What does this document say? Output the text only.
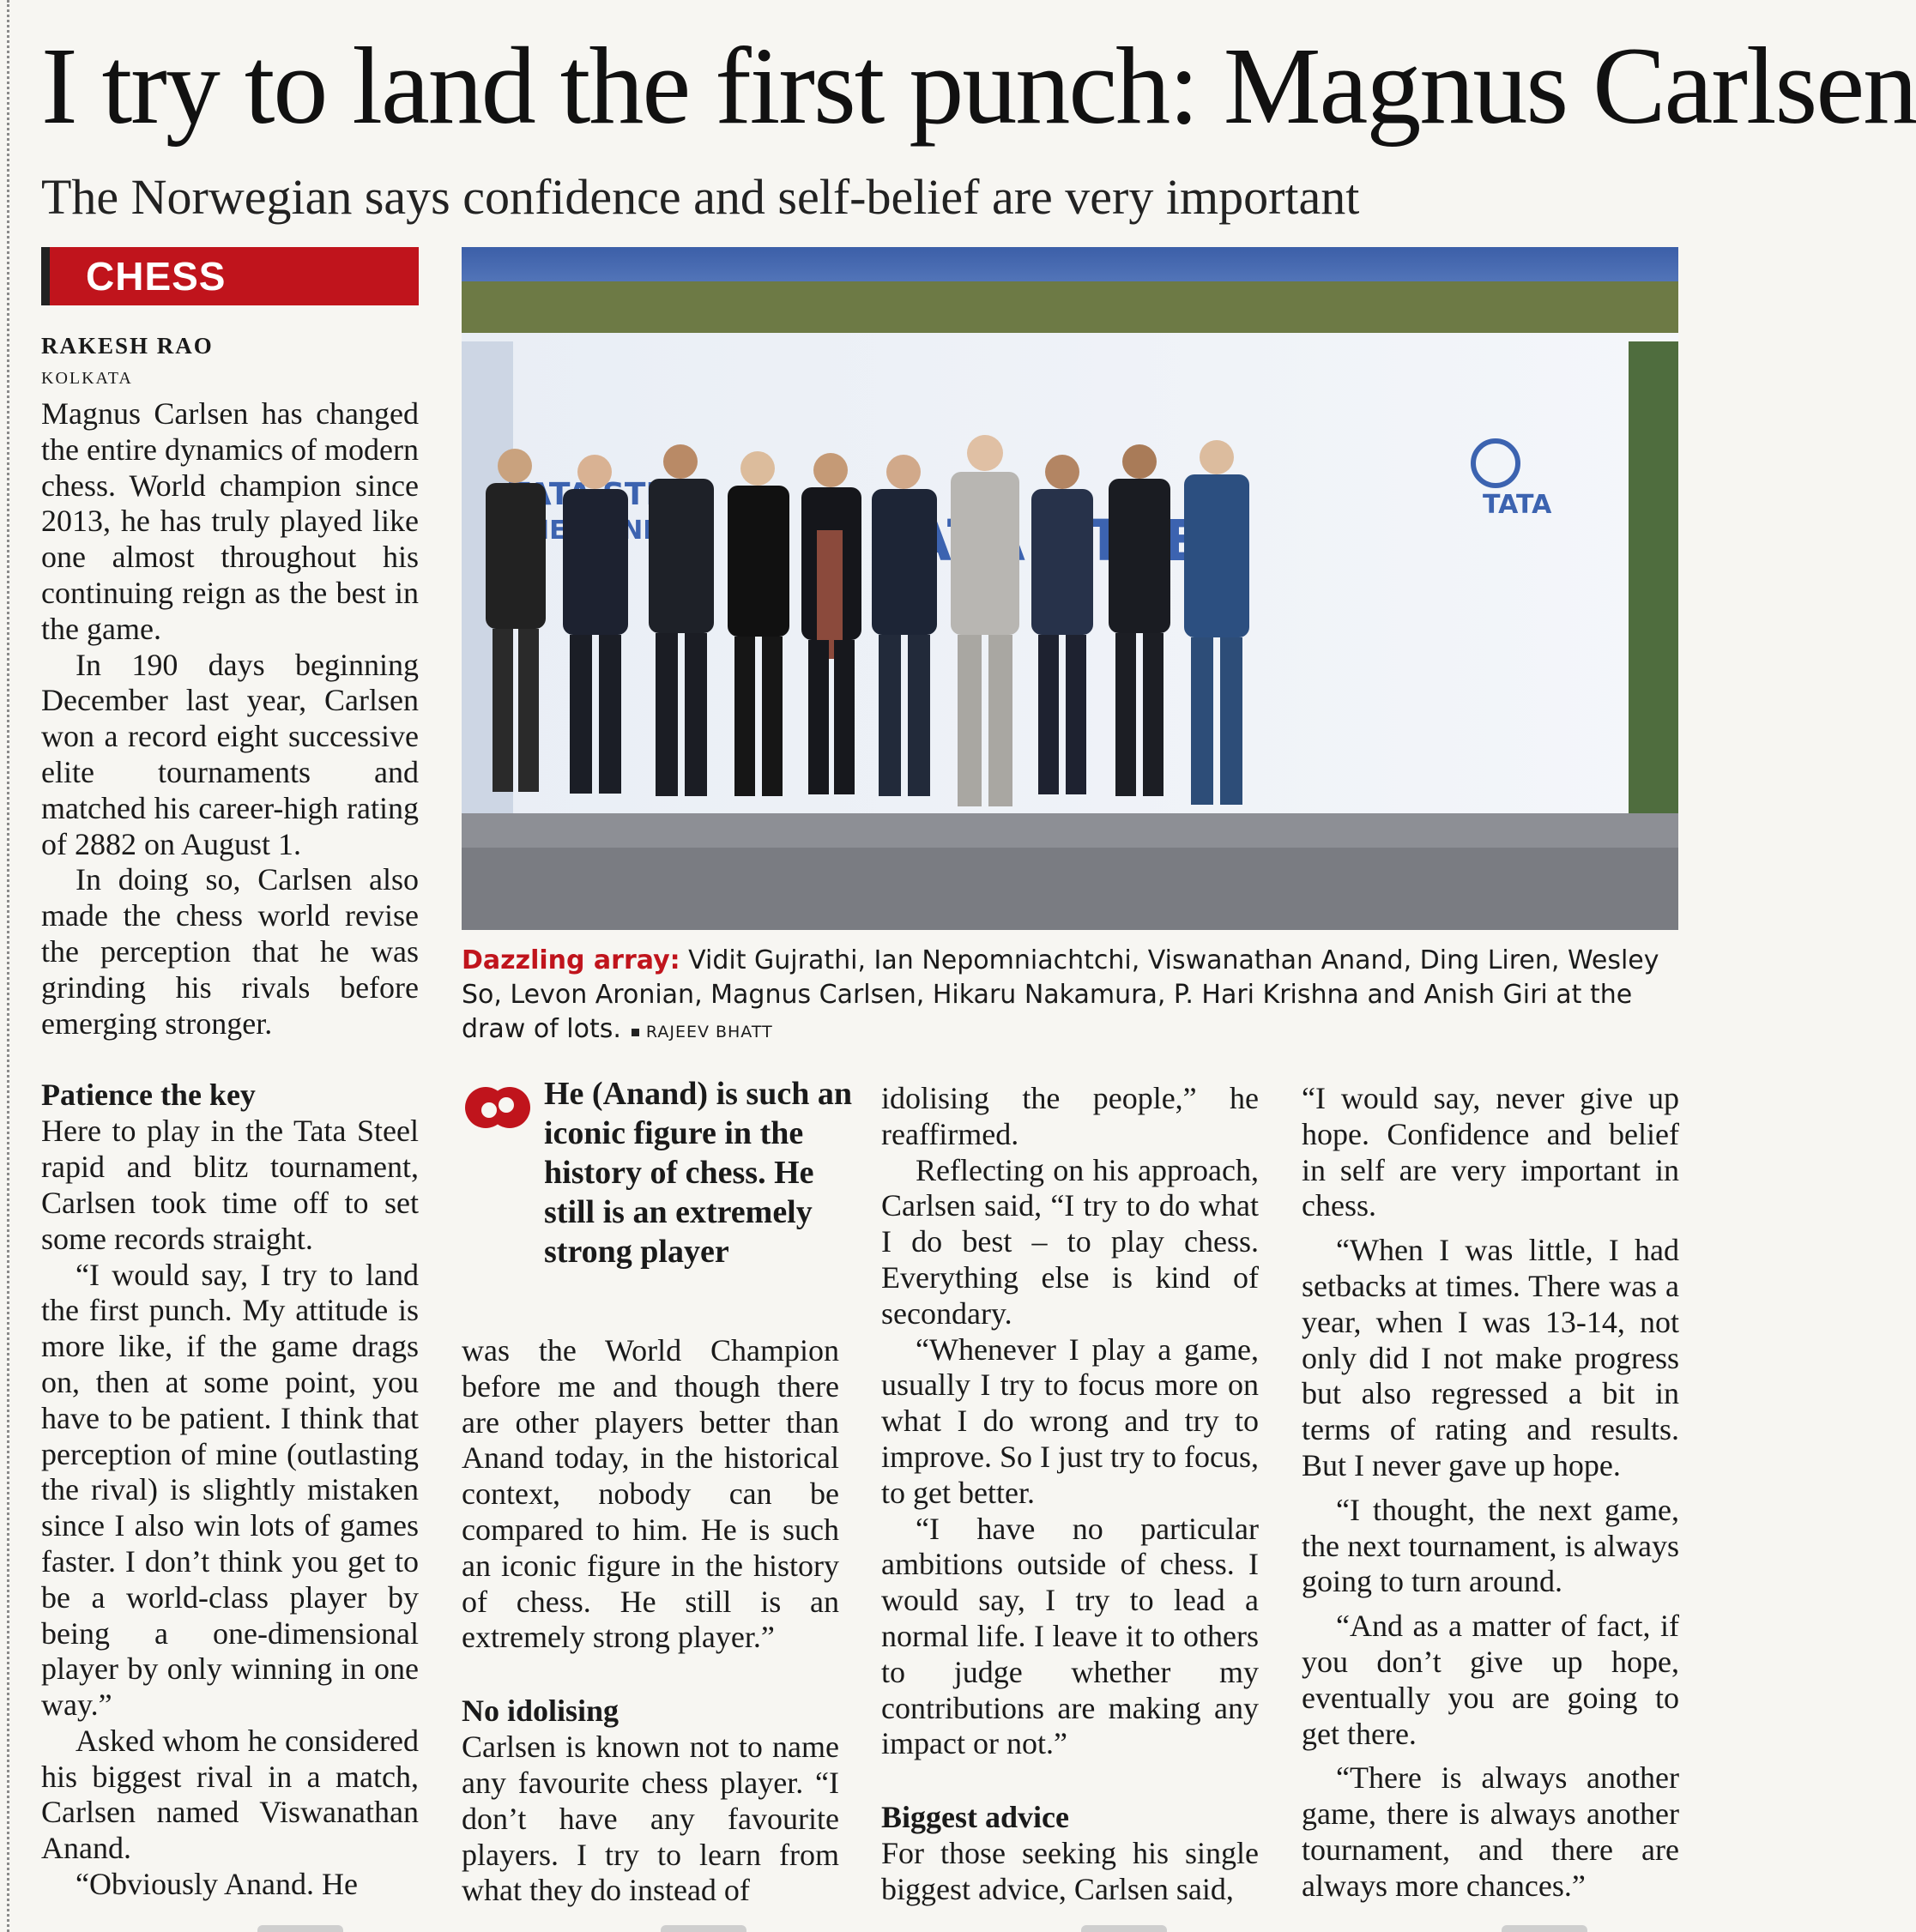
I try to land the first punch: Magnus Carlsen
The Norwegian says confidence and self-belief are very important
CHESS
RAKESH RAO
KOLKATA

Magnus Carlsen has changed the entire dynamics of modern chess. World champion since 2013, he has truly played like one almost throughout his continuing reign as the best in the game.

In 190 days beginning December last year, Carlsen won a record eight successive elite tournaments and matched his career-high rating of 2882 on August 1.

In doing so, Carlsen also made the chess world revise the perception that he was grinding his rivals before emerging stronger.

Patience the key

Here to play in the Tata Steel rapid and blitz tournament, Carlsen took time off to set some records straight.

“I would say, I try to land the first punch. My attitude is more like, if the game drags on, then at some point, you have to be patient. I think that perception of mine (outlasting the rival) is slightly mistaken since I also win lots of games faster. I don’t think you get to be a world-class player by being a one-dimensional player by only winning in one way.”

Asked whom he considered his biggest rival in a match, Carlsen named Viswanathan Anand.

“Obviously Anand. He

TATA
CHESS	TATA
TATA
Dazzling array: Vidit Gujrathi, Ian Nepomniachtchi, Viswanathan Anand, Ding Liren, Wesley So, Levon Aronian, Magnus Carlsen, Hikaru Nakamura, P. Hari Krishna and Anish Giri at the draw of lots. RAJEEV BHATT
He (Anand) is such an iconic figure in the history of chess. He still is an extremely strong player

was the World Champion before me and though there are other players better than Anand today, in the historical context, nobody can be compared to him. He is such an iconic figure in the history of chess. He still is an extremely strong player.”

No idolising

Carlsen is known not to name any favourite chess player. “I don’t have any favourite players. I try to learn from what they do instead of

idolising the people,” he reaffirmed.

Reflecting on his approach, Carlsen said, “I try to do what I do best – to play chess. Everything else is kind of secondary.

“Whenever I play a game, usually I try to focus more on what I do wrong and try to improve. So I just try to focus, to get better.

“I have no particular ambitions outside of chess. I would say, I try to lead a normal life. I leave it to others to judge whether my contributions are making any impact or not.”

Biggest advice

For those seeking his single biggest advice, Carlsen said,

“I would say, never give up hope. Confidence and belief in self are very important in chess.

“When I was little, I had setbacks at times. There was a year, when I was 13-14, not only did I not make progress but also regressed a bit in terms of rating and results. But I never gave up hope.

“I thought, the next game, the next tournament, is always going to turn around.

“And as a matter of fact, if you don’t give up hope, eventually you are going to get there.

“There is always another game, there is always another tournament, and there are always more chances.”
